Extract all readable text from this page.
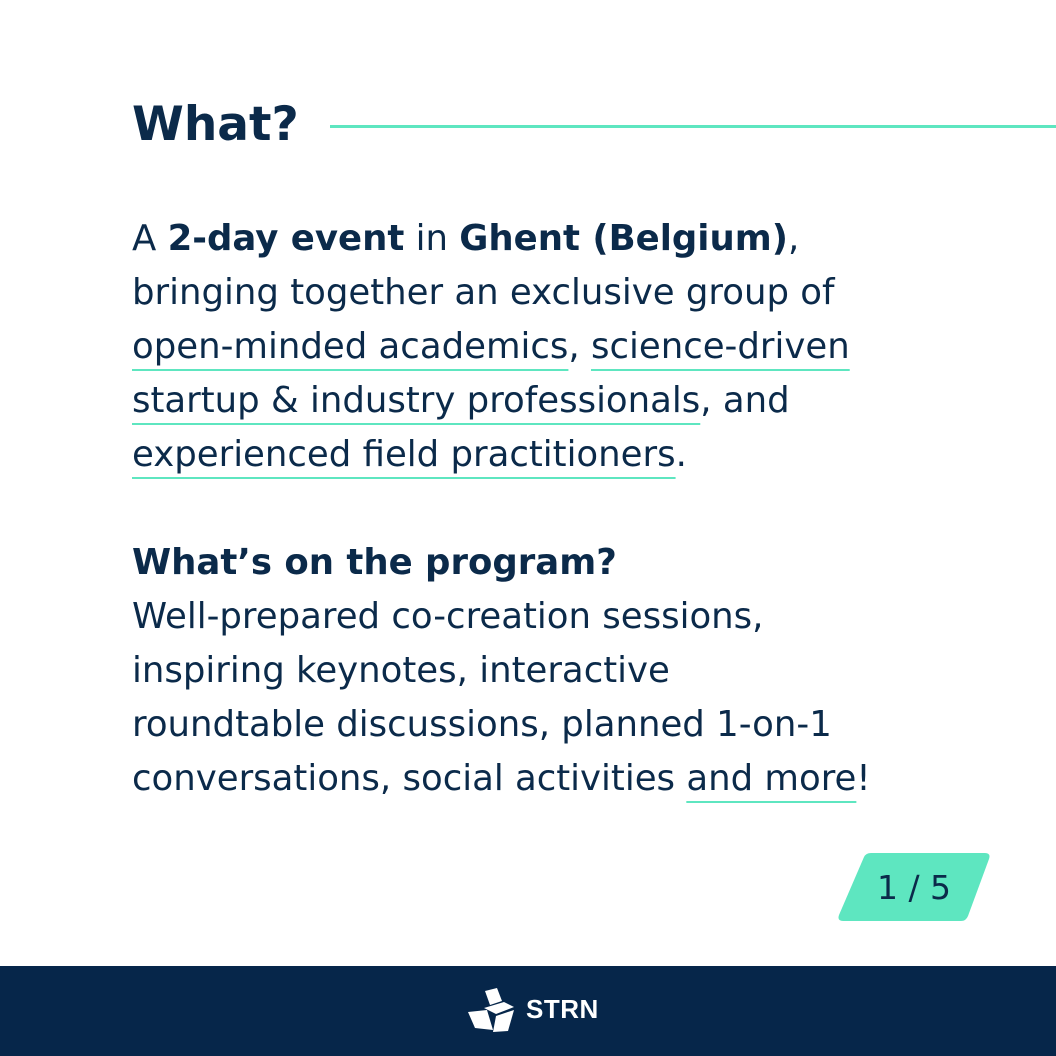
What?

A 2-day event in Ghent (Belgium),

bringing together an exclusive group of

open-minded academics, science-driven

startup & industry professionals, and

experienced field practitioners.

What’s on the program?

Well-prepared co-creation sessions,

inspiring keynotes, interactive

roundtable discussions, planned 1-on-1

conversations, social activities and more!

1 / 5
STRN
